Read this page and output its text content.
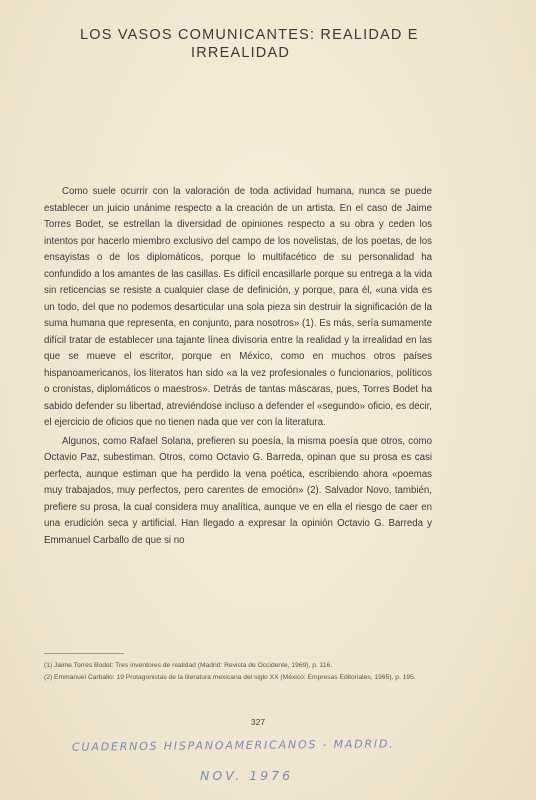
LOS VASOS COMUNICANTES: REALIDAD E
IRREALIDAD

Como suele ocurrir con la valoración de toda actividad humana, nunca se puede establecer un juicio unánime respecto a la creación de un artista. En el caso de Jaime Torres Bodet, se estrellan la diversidad de opiniones respecto a su obra y ceden los intentos por hacerlo miembro exclusivo del campo de los novelistas, de los poetas, de los ensayistas o de los diplomáticos, porque lo multifacético de su personalidad ha confundido a los amantes de las casillas. Es difícil encasillarle porque su entrega a la vida sin reticencias se resiste a cualquier clase de definición, y porque, para él, «una vida es un todo, del que no podemos desarticular una sola pieza sin destruir la significación de la suma humana que representa, en conjunto, para nosotros» (1). Es más, sería sumamente difícil tratar de establecer una tajante línea divisoria entre la realidad y la irrealidad en las que se mueve el escritor, porque en México, como en muchos otros países hispanoamericanos, los literatos han sido «a la vez profesionales o funcionarios, políticos o cronistas, diplomáticos o maestros». Detrás de tantas máscaras, pues, Torres Bodet ha sabido defender su libertad, atreviéndose incluso a defender el «segundo» oficio, es decir, el ejercicio de oficios que no tienen nada que ver con la literatura.

Algunos, como Rafael Solana, prefieren su poesía, la misma poesía que otros, como Octavio Paz, subestiman. Otros, como Octavio G. Barreda, opinan que su prosa es casi perfecta, aunque estiman que ha perdido la vena poética, escribiendo ahora «poemas muy trabajados, muy perfectos, pero carentes de emoción» (2). Salvador Novo, también, prefiere su prosa, la cual considera muy analítica, aunque ve en ella el riesgo de caer en una erudición seca y artificial. Han llegado a expresar la opinión Octavio G. Barreda y Emmanuel Carballo de que si no

(1) Jaime Torres Bodet: Tres inventores de realidad (Madrid: Revista de Occidente, 1969), p. 116.
(2) Emmanuel Carballo: 19 Protagonistas de la literatura mexicana del siglo XX (México: Empresas Editoriales, 1965), p. 195.
327
CUADERNOS HISPANOAMERICANOS - MADRID.
NOV. 1976
